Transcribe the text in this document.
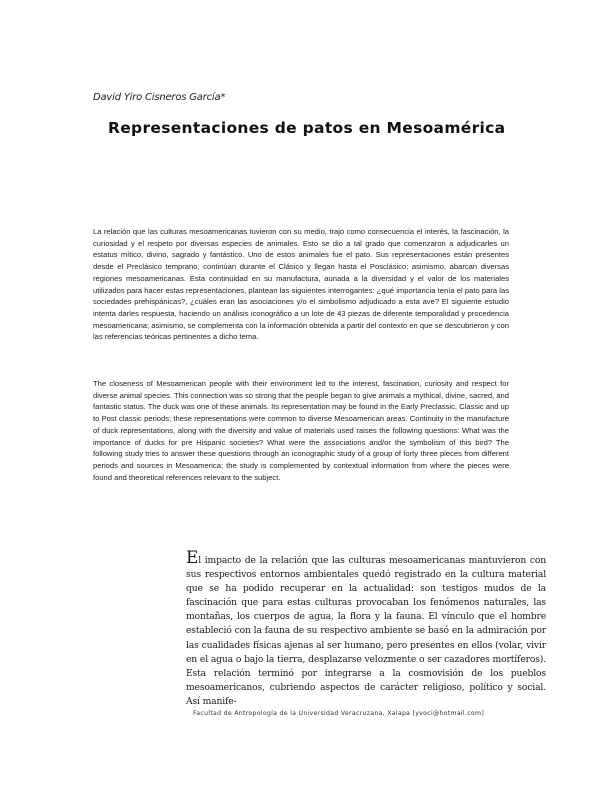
David Yiro Cisneros García*
Representaciones de patos en Mesoamérica

La relación que las culturas mesoamericanas tuvieron con su medio, trajo como consecuencia el interés, la fascinación, la curiosidad y el respeto por diversas especies de animales. Esto se dio a tal grado que comenzaron a adjudicarles un estatus mítico, divino, sagrado y fantástico. Uno de estos animales fue el pato. Sus representaciones están presentes desde el Preclásico temprano, continúan durante el Clásico y llegan hasta el Posclásico; asimismo, abarcan diversas regiones mesoamericanas. Esta continuidad en su manufactura, aunada a la diversidad y el valor de los materiales utilizados para hacer estas representaciones, plantean las siguientes interrogantes: ¿qué importancia tenía el pato para las sociedades prehispánicas?, ¿cuáles eran las asociaciones y/o el simbolismo adjudicado a esta ave? El siguiente estudio intenta darles respuesta, haciendo un análisis iconográfico a un lote de 43 piezas de diferente temporalidad y procedencia mesoamericana; asimismo, se complementa con la información obtenida a partir del contexto en que se descubrieron y con las referencias teóricas pertinentes a dicho tema.

The closeness of Mesoamerican people with their environment led to the interest, fascination, curiosity and respect for diverse animal species. This connection was so strong that the people began to give animals a mythical, divine, sacred, and fantastic status. The duck was one of these animals. Its representation may be found in the Early Preclassic, Classic and up to Post classic periods; these representations were common to diverse Mesoamerican areas. Continuity in the manufacture of duck representations, along with the diversity and value of materials used raises the following questions: What was the importance of ducks for pre Hispanic societies? What were the associations and/or the symbolism of this bird? The following study tries to answer these questions through an iconographic study of a group of forty three pieces from different periods and sources in Mesoamerica; the study is complemented by contextual information from where the pieces were found and theoretical references relevant to the subject.

El impacto de la relación que las culturas mesoamericanas mantuvieron con sus respectivos entornos ambientales quedó registrado en la cultura material que se ha podido recuperar en la actualidad: son testigos mudos de la fascinación que para estas culturas provocaban los fenómenos naturales, las montañas, los cuerpos de agua, la flora y la fauna. El vínculo que el hombre estableció con la fauna de su respectivo ambiente se basó en la admiración por las cualidades físicas ajenas al ser humano, pero presentes en ellos (volar, vivir en el agua o bajo la tierra, desplazarse velozmente o ser cazadores mortíferos). Esta relación terminó por integrarse a la cosmovisión de los pueblos mesoamericanos, cubriendo aspectos de carácter religioso, político y social. Así manife-

Facultad de Antropología de la Universidad Veracruzana, Xalapa [yvoci@hotmail.com]
